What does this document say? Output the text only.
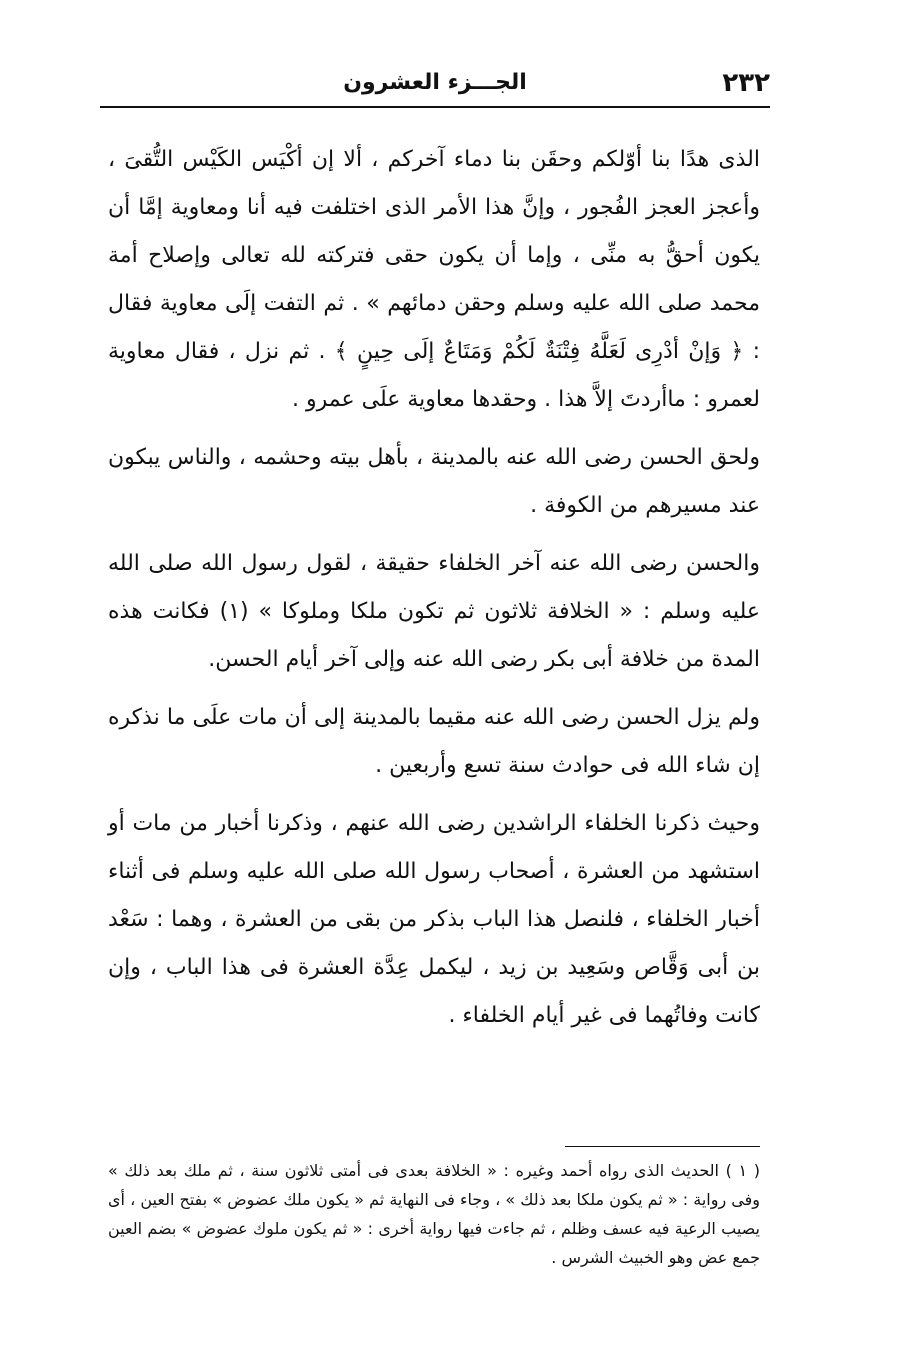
٢٣٢
الجـــزء العشرون

الذى هدًا بنا أوّلكم وحقَن بنا دماء آخركم ، ألا إن أكْيَس الكَيْس التُّقىَ ، وأعجز العجز الفُجور ، وإنَّ هذا الأمر الذى اختلفت فيه أنا ومعاوية إمَّا أن يكون أحقُّ به منِّى ، وإما أن يكون حقى فتركته لله تعالى وإصلاح أمة محمد صلى الله عليه وسلم وحقن دمائهم » . ثم التفت إلَى معاوية فقال : ﴿ وَإنْ أدْرِى لَعَلَّهُ فِتْنَةٌ لَكُمْ وَمَتَاعٌ إلَى حِينٍ ﴾ . ثم نزل ، فقال معاوية لعمرو : ماأردتَ إلاَّ هذا . وحقدها معاوية علَى عمرو .

ولحق الحسن رضى الله عنه بالمدينة ، بأهل بيته وحشمه ، والناس يبكون عند مسيرهم من الكوفة .

والحسن رضى الله عنه آخر الخلفاء حقيقة ، لقول رسول الله صلى الله عليه وسلم : « الخلافة ثلاثون ثم تكون ملكا وملوكا » (١) فكانت هذه المدة من خلافة أبى بكر رضى الله عنه وإلى آخر أيام الحسن.

ولم يزل الحسن رضى الله عنه مقيما بالمدينة إلى أن مات علَى ما نذكره إن شاء الله فى حوادث سنة تسع وأربعين .

وحيث ذكرنا الخلفاء الراشدين رضى الله عنهم ، وذكرنا أخبار من مات أو استشهد من العشرة ، أصحاب رسول الله صلى الله عليه وسلم فى أثناء أخبار الخلفاء ، فلنصل هذا الباب بذكر من بقى من العشرة ، وهما : سَعْد بن أبى وَقَّاص وسَعِيد بن زيد ، ليكمل عِدَّة العشرة فى هذا الباب ، وإن كانت وفاتُهما فى غير أيام الخلفاء .

( ١ ) الحديث الذى رواه أحمد وغيره : « الخلافة بعدى فى أمتى ثلاثون سنة ، ثم ملك بعد ذلك » وفى رواية : « ثم يكون ملكا بعد ذلك » ، وجاء فى النهاية ثم « يكون ملك عضوض » بفتح العين ، أى يصيب الرعية فيه عسف وظلم ، ثم جاءت فيها رواية أخرى : « ثم يكون ملوك عضوض » بضم العين جمع عض وهو الخبيث الشرس .
